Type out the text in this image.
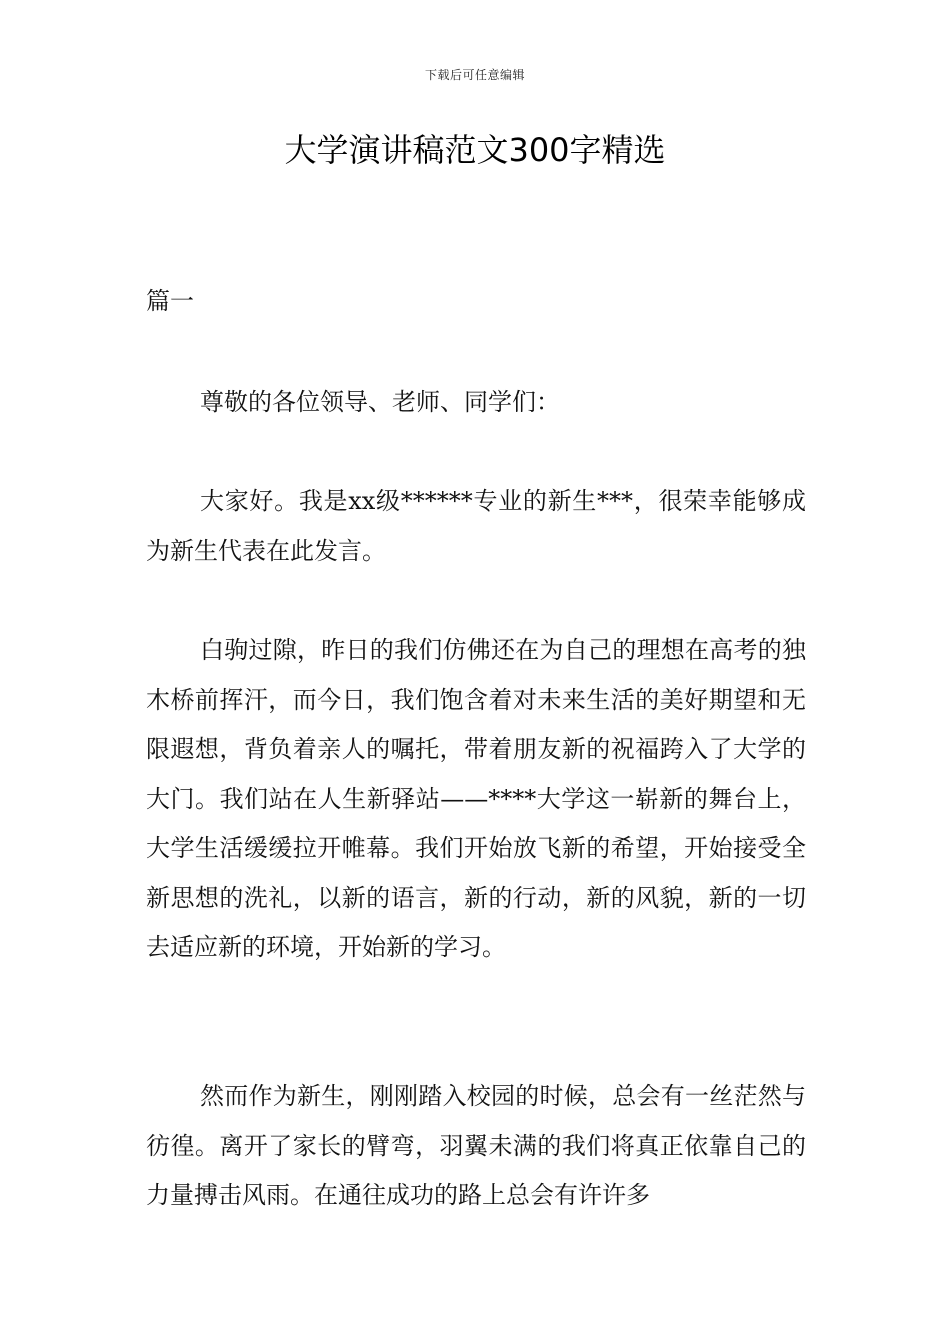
下载后可任意编辑
大学演讲稿范文300字精选

篇一

尊敬的各位领导、老师、同学们：

大家好。我是xx级******专业的新生***，很荣幸能够成为新生代表在此发言。

白驹过隙，昨日的我们仿佛还在为自己的理想在高考的独木桥前挥汗，而今日，我们饱含着对未来生活的美好期望和无限遐想，背负着亲人的嘱托，带着朋友新的祝福跨入了大学的大门。我们站在人生新驿站——****大学这一崭新的舞台上，大学生活缓缓拉开帷幕。我们开始放飞新的希望，开始接受全新思想的洗礼，以新的语言，新的行动，新的风貌，新的一切去适应新的环境，开始新的学习。

然而作为新生，刚刚踏入校园的时候，总会有一丝茫然与彷徨。离开了家长的臂弯，羽翼未满的我们将真正依靠自己的力量搏击风雨。在通往成功的路上总会有许许多
